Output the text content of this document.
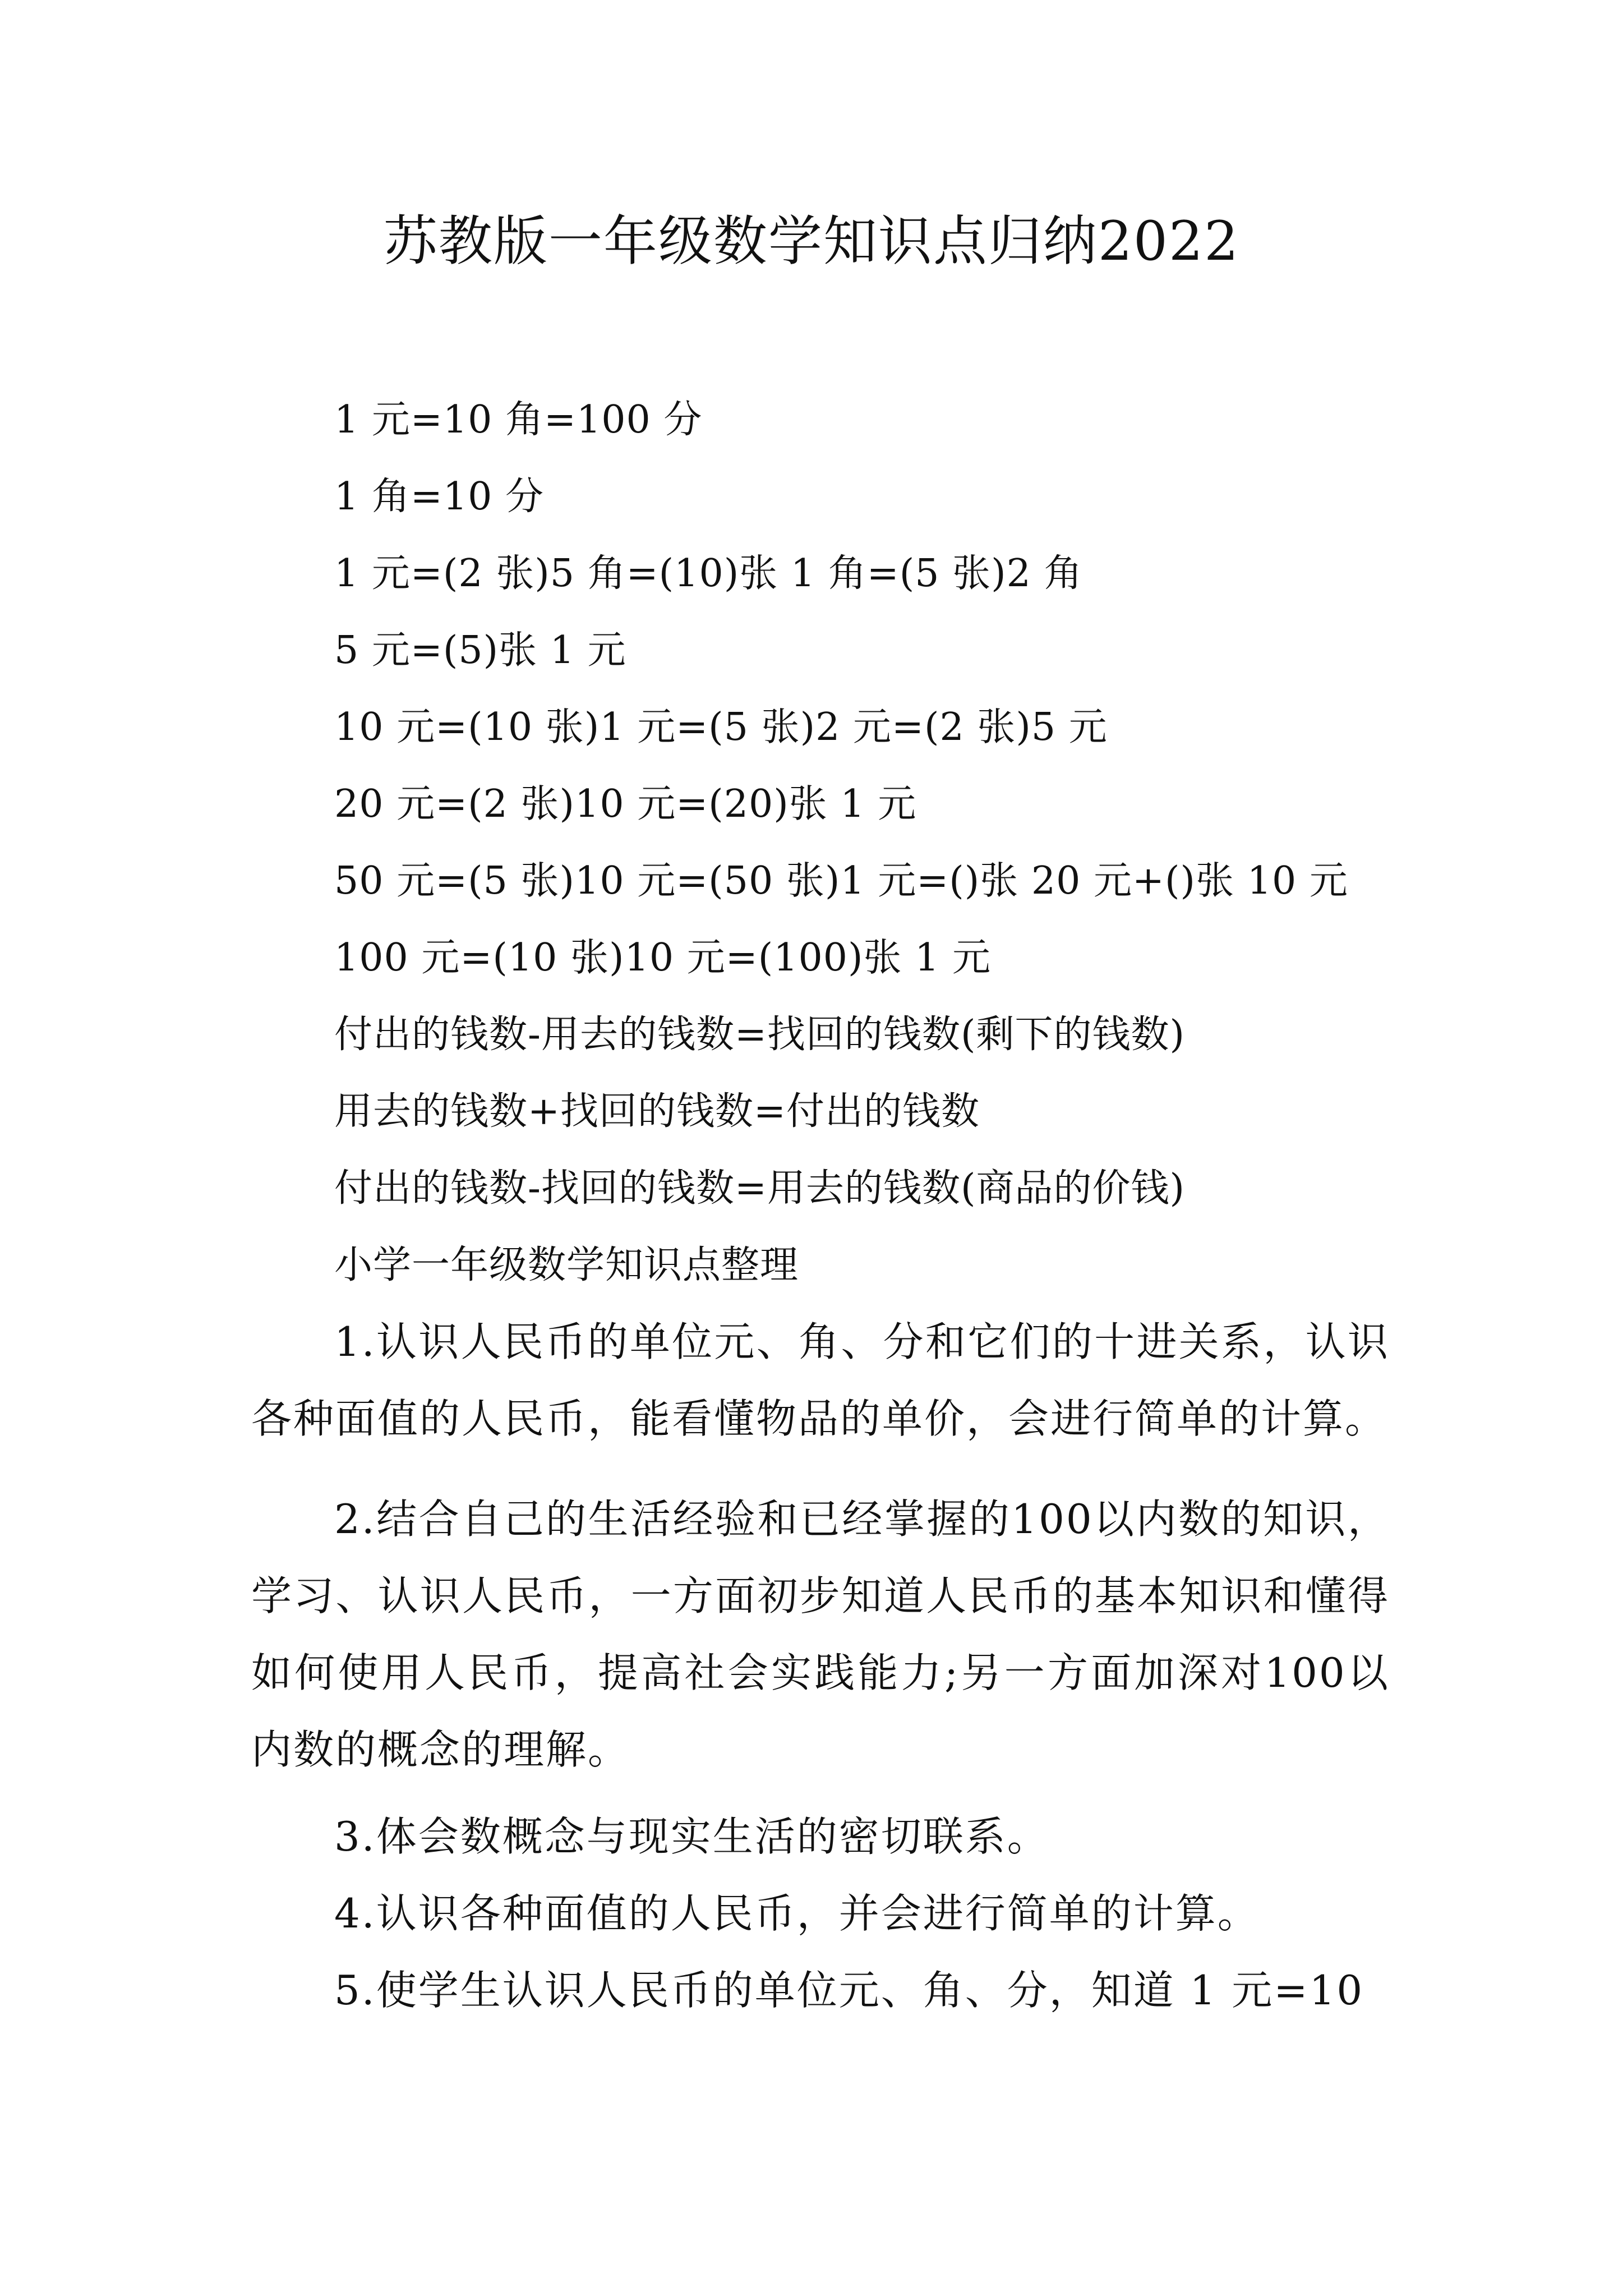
苏教版一年级数学知识点归纳2022

1 元=10 角=100 分

1 角=10 分

1 元=(2 张)5 角=(10)张 1 角=(5 张)2 角

5 元=(5)张 1 元

10 元=(10 张)1 元=(5 张)2 元=(2 张)5 元

20 元=(2 张)10 元=(20)张 1 元

50 元=(5 张)10 元=(50 张)1 元=()张 20 元+()张 10 元

100 元=(10 张)10 元=(100)张 1 元

付出的钱数-用去的钱数=找回的钱数(剩下的钱数)

用去的钱数+找回的钱数=付出的钱数

付出的钱数-找回的钱数=用去的钱数(商品的价钱)

小学一年级数学知识点整理

1.认识人民币的单位元、角、分和它们的十进关系，认识各种面值的人民币，能看懂物品的单价，会进行简单的计算。

2.结合自己的生活经验和已经掌握的100以内数的知识，学习、认识人民币，一方面初步知道人民币的基本知识和懂得如何使用人民币，提高社会实践能力;另一方面加深对100以内数的概念的理解。

3.体会数概念与现实生活的密切联系。

4.认识各种面值的人民币，并会进行简单的计算。

5.使学生认识人民币的单位元、角、分，知道 1 元=10
